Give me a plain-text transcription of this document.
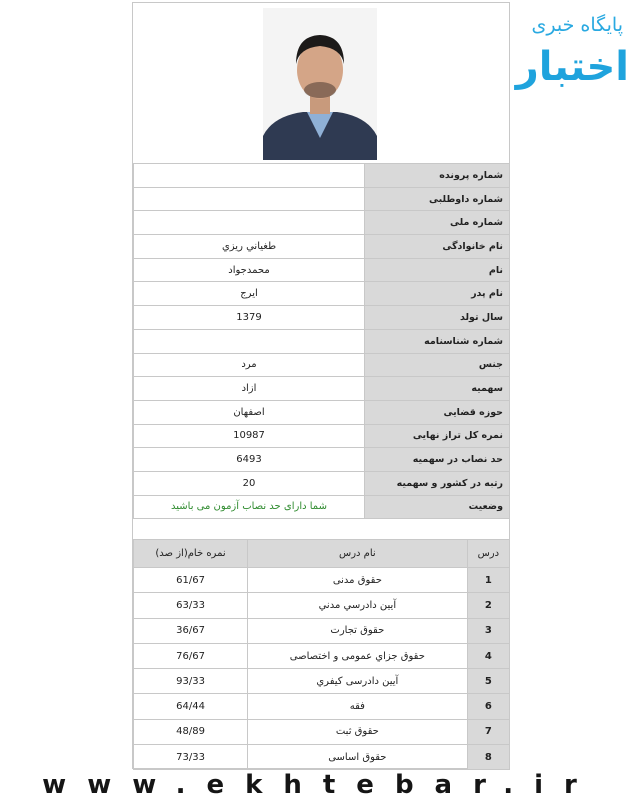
پایگاه خبری
اختبار
شماره پرونده	
شماره داوطلبی	
شماره ملی	
نام خانوادگی	طغياني ريزي
نام	محمدجواد
نام پدر	ايرج
سال تولد	1379
شماره شناسنامه	
جنس	مرد
سهميه	ازاد
حوزه قضایی	اصفهان
نمره کل تراز نهایی	10987
حد نصاب در سهمیه	6493
رتبه در کشور و سهمیه	20
وضعیت	شما دارای حد نصاب آزمون می باشید
درس	نام درس	نمره خام(از صد)
1	حقوق مدنی	61/67
2	آيين دادرسي مدني	63/33
3	حقوق تجارت	36/67
4	حقوق جزاي عمومی و اختصاصی	76/67
5	آيين دادرسی کيفري	93/33
6	فقه	64/44
7	حقوق ثبت	48/89
8	حقوق اساسی	73/33
www.ekhtebar.ir
